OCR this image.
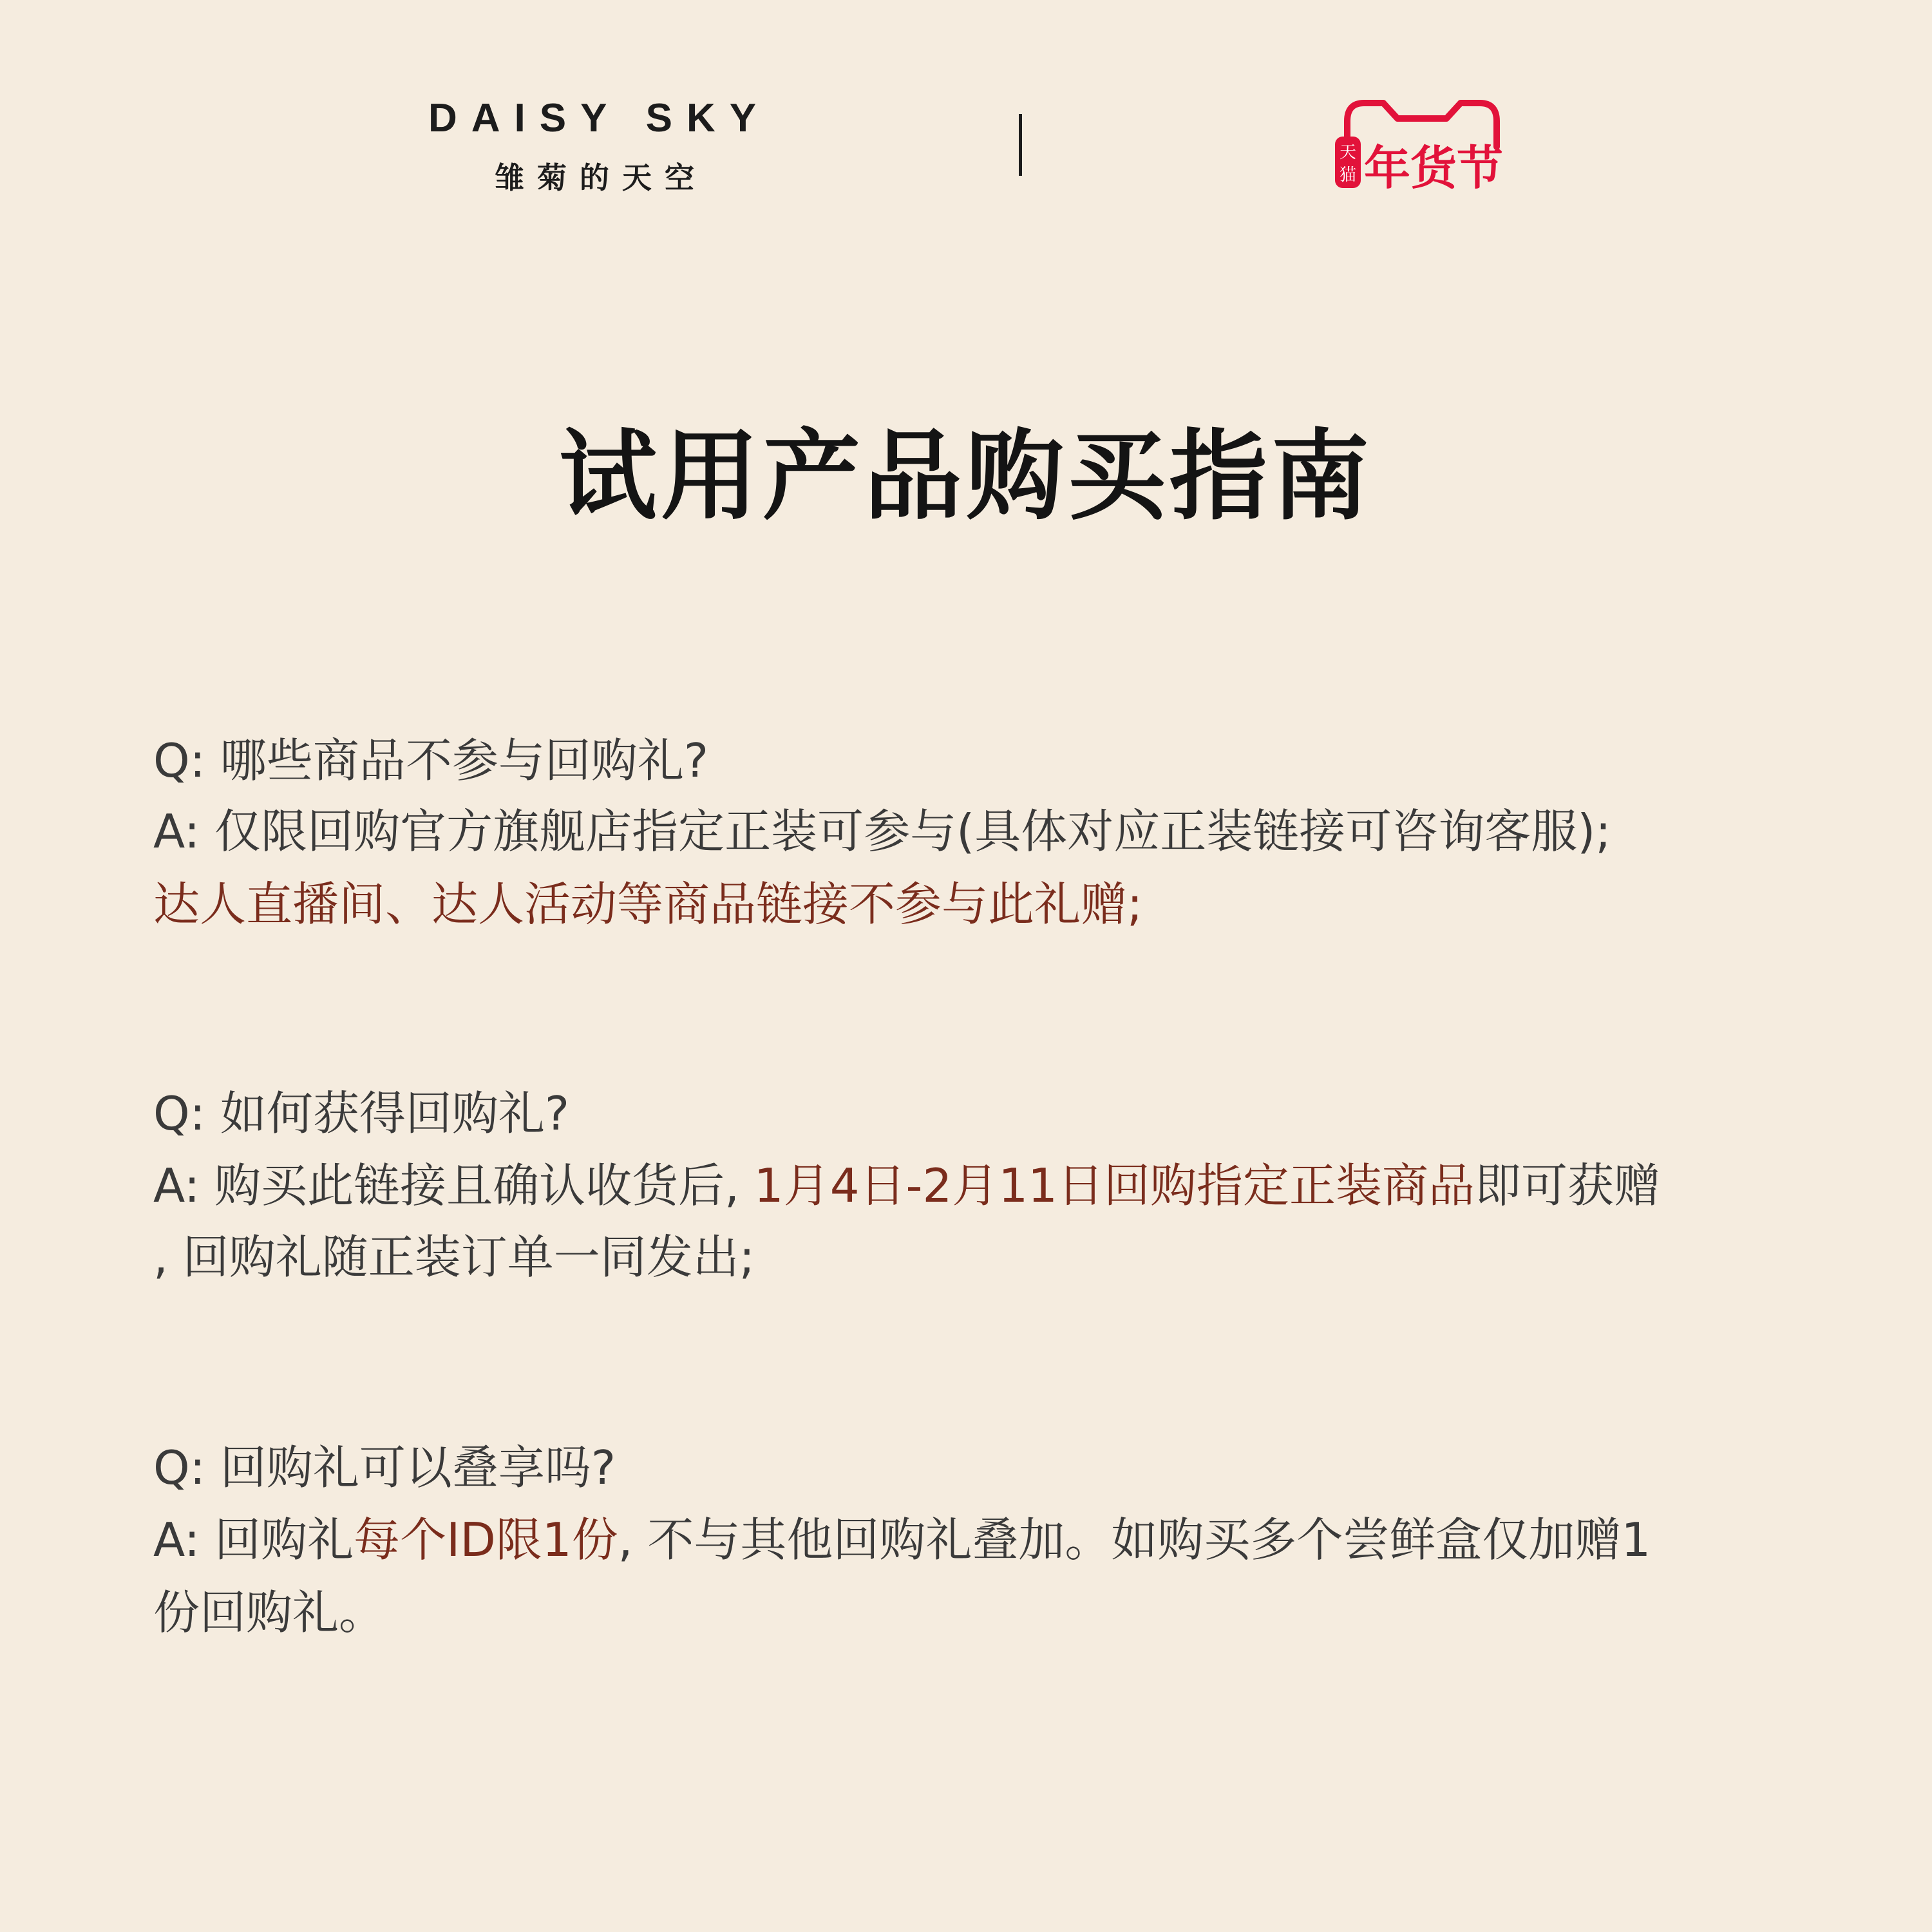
DAISY SKY
雏菊的天空
天
猫 年货节
试用产品购买指南
Q: 哪些商品不参与回购礼?
A: 仅限回购官方旗舰店指定正装可参与(具体对应正装链接可咨询客服);
达人直播间、达人活动等商品链接不参与此礼赠;
Q: 如何获得回购礼?
A: 购买此链接且确认收货后, 1月4日-2月11日回购指定正装商品即可获赠
, 回购礼随正装订单一同发出;
Q: 回购礼可以叠享吗?
A: 回购礼每个ID限1份, 不与其他回购礼叠加。如购买多个尝鲜盒仅加赠1
份回购礼。
